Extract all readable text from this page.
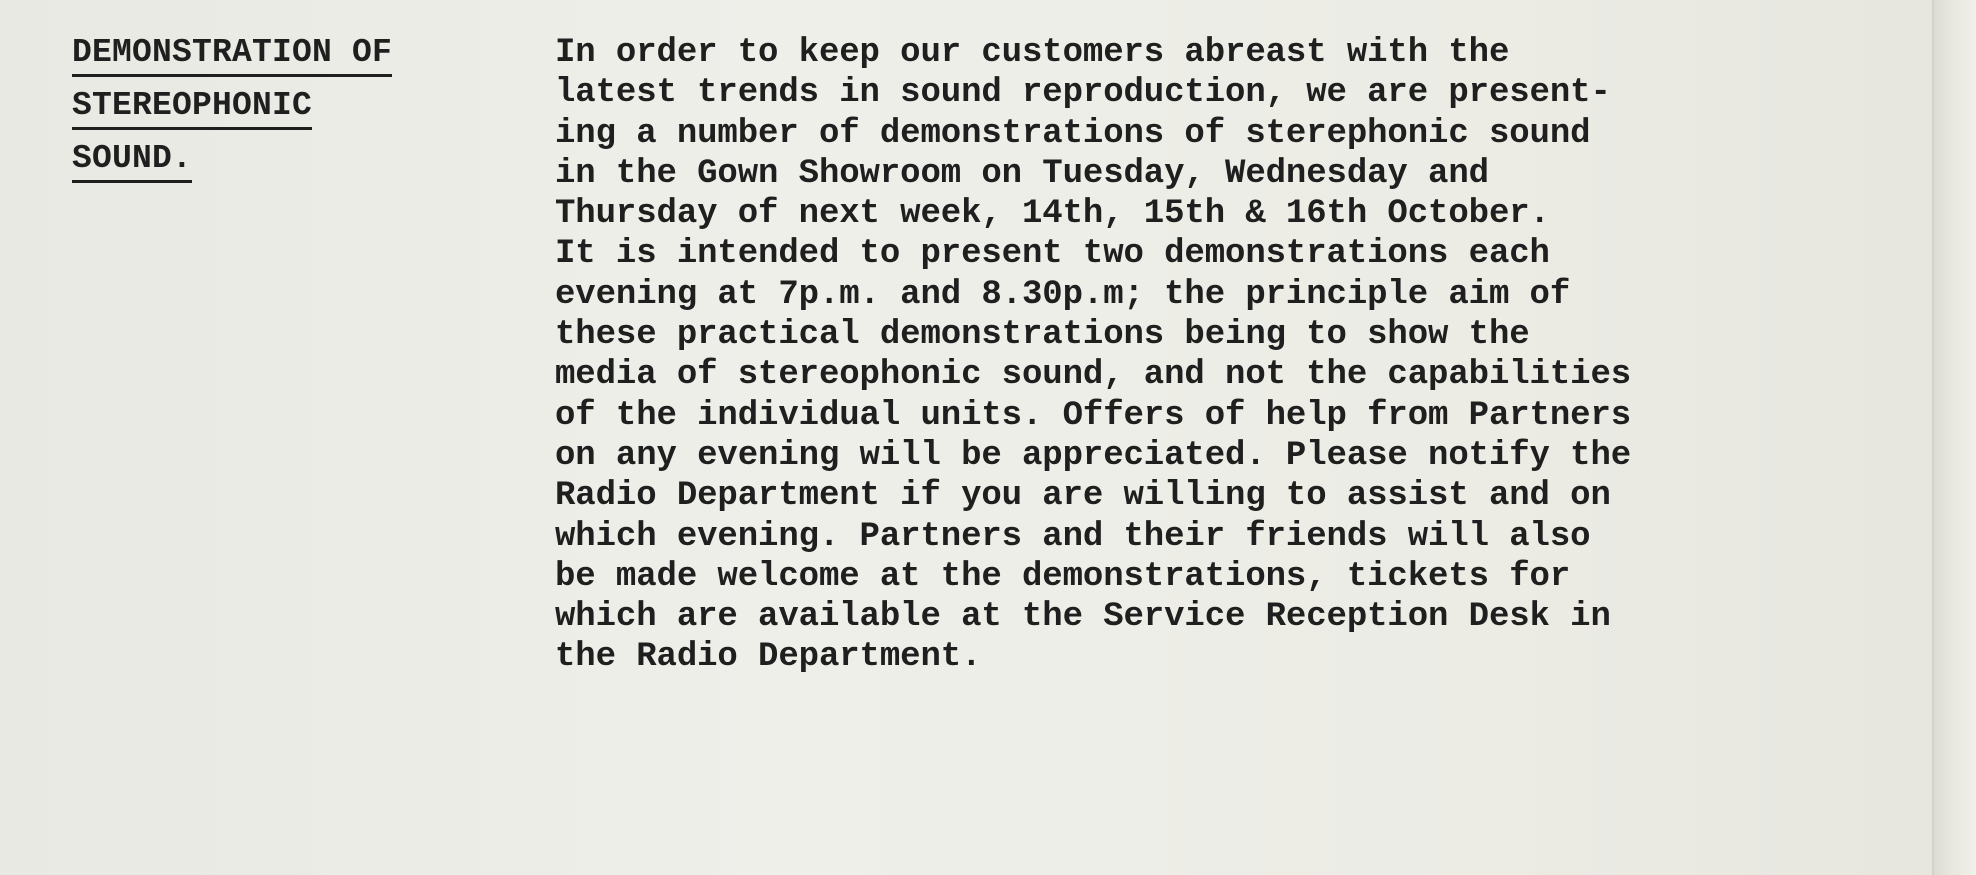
DEMONSTRATION OF
STEREOPHONIC
SOUND.
In order to keep our customers abreast with the
latest trends in sound reproduction, we are present-
ing a number of demonstrations of sterephonic sound
in the Gown Showroom on Tuesday, Wednesday and
Thursday of next week, 14th, 15th & 16th October.
It is intended to present two demonstrations each
evening at 7p.m. and 8.30p.m; the principle aim of
these practical demonstrations being to show the
media of stereophonic sound, and not the capabilities
of the individual units. Offers of help from Partners
on any evening will be appreciated. Please notify the
Radio Department if you are willing to assist and on
which evening. Partners and their friends will also
be made welcome at the demonstrations, tickets for
which are available at the Service Reception Desk in
the Radio Department.
